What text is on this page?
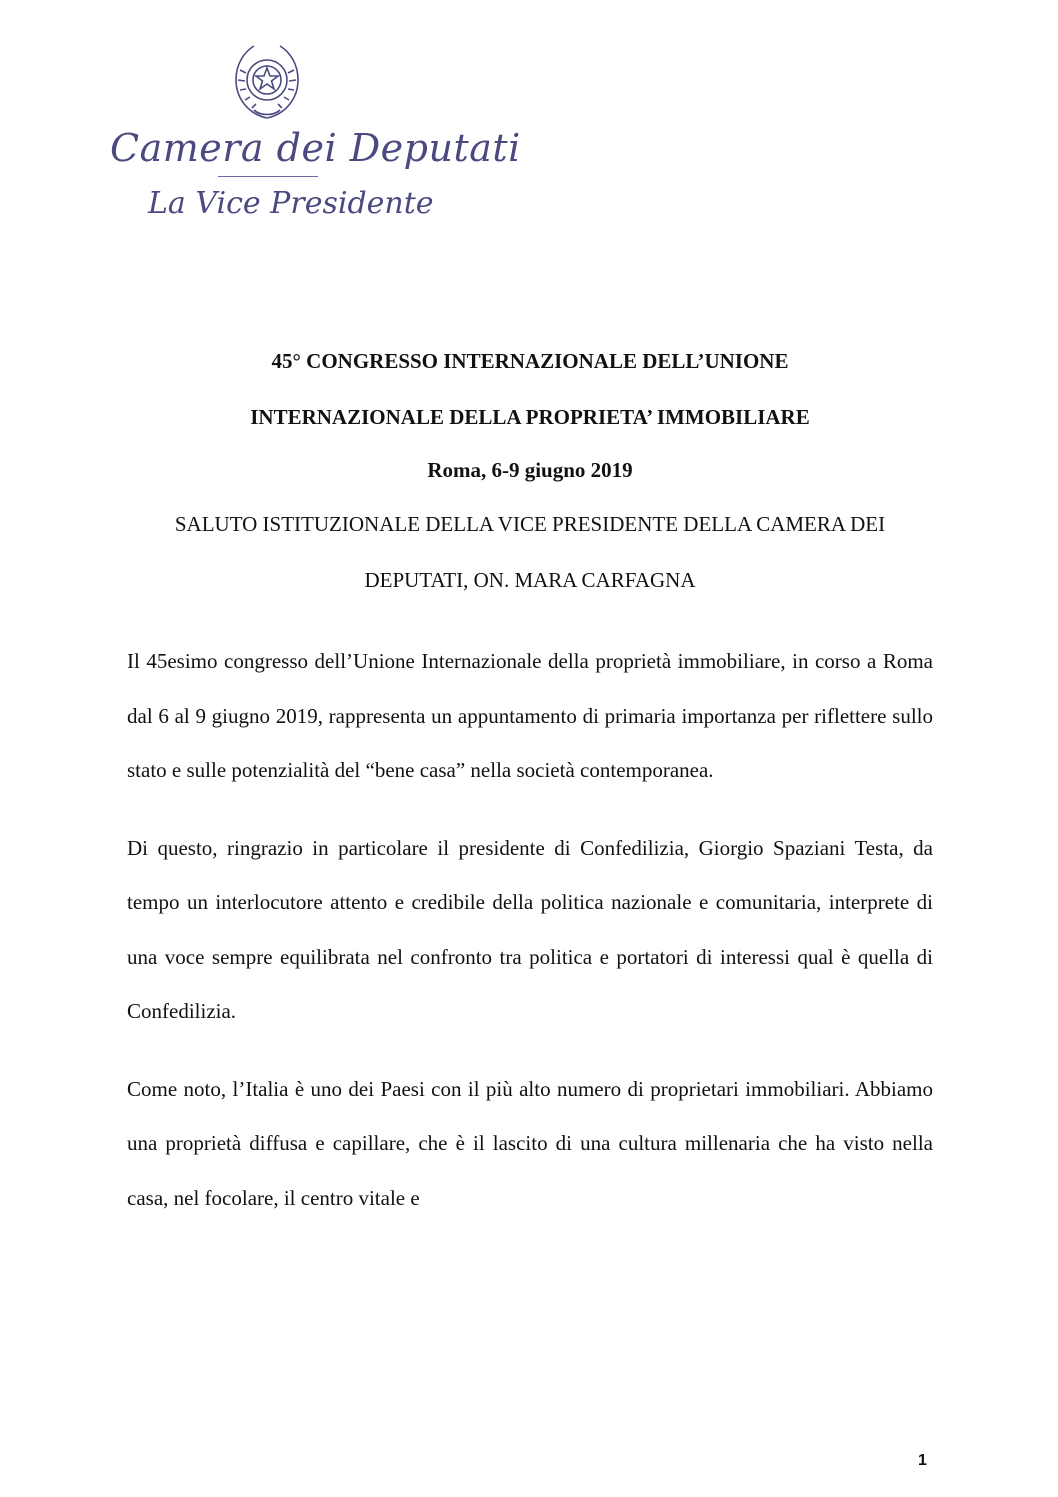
Camera dei Deputati
La Vice Presidente
45° CONGRESSO INTERNAZIONALE DELL’UNIONE
INTERNAZIONALE DELLA PROPRIETA’ IMMOBILIARE
Roma, 6-9 giugno 2019
SALUTO ISTITUZIONALE DELLA VICE PRESIDENTE DELLA CAMERA DEI DEPUTATI, ON. MARA CARFAGNA

Il 45esimo congresso dell’Unione Internazionale della proprietà immobiliare, in corso a Roma dal 6 al 9 giugno 2019, rappresenta un appuntamento di primaria importanza per riflettere sullo stato e sulle potenzialità del “bene casa” nella società contemporanea.

Di questo, ringrazio in particolare il presidente di Confedilizia, Giorgio Spaziani Testa, da tempo un interlocutore attento e credibile della politica nazionale e comunitaria, interprete di una voce sempre equilibrata nel confronto tra politica e portatori di interessi qual è quella di Confedilizia.

Come noto, l’Italia è uno dei Paesi con il più alto numero di proprietari immobiliari. Abbiamo una proprietà diffusa e capillare, che è il lascito di una cultura millenaria che ha visto nella casa, nel focolare, il centro vitale e

1
